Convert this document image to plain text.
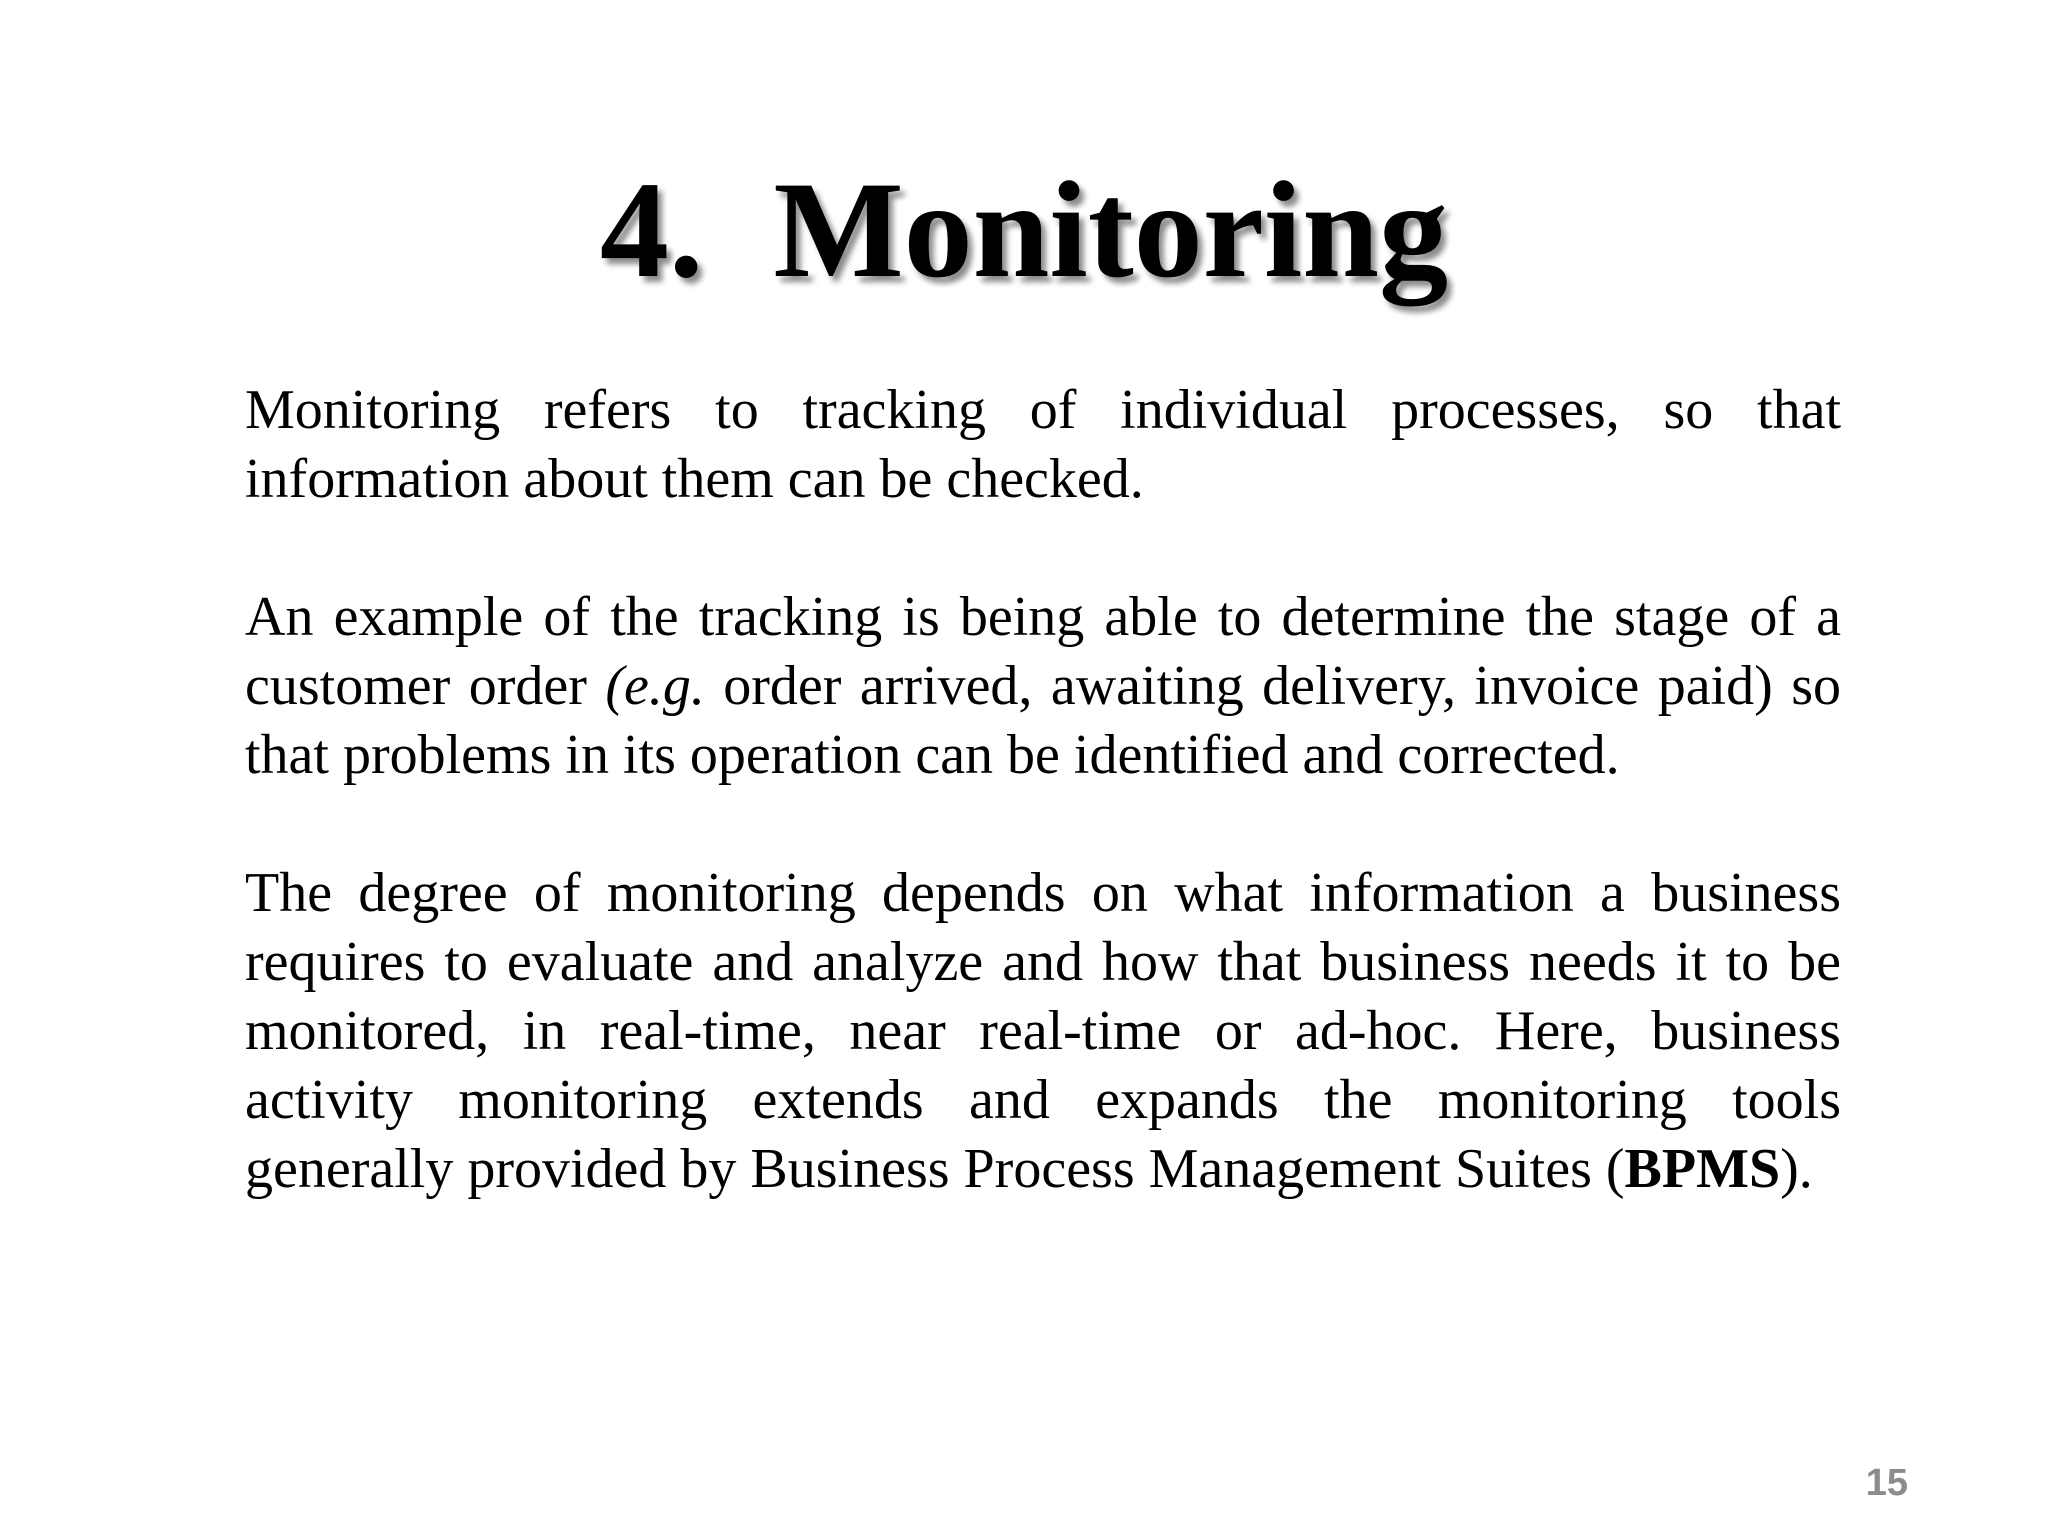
4. Monitoring

Monitoring refers to tracking of individual processes, so that information about them can be checked.

An example of the tracking is being able to determine the stage of a customer order (e.g. order arrived, awaiting delivery, invoice paid) so that problems in its operation can be identified and corrected.

The degree of monitoring depends on what information a business requires to evaluate and analyze and how that business needs it to be monitored, in real-time, near real-time or ad-hoc. Here, business activity monitoring extends and expands the monitoring tools generally provided by Business Process Management Suites (BPMS).

15
